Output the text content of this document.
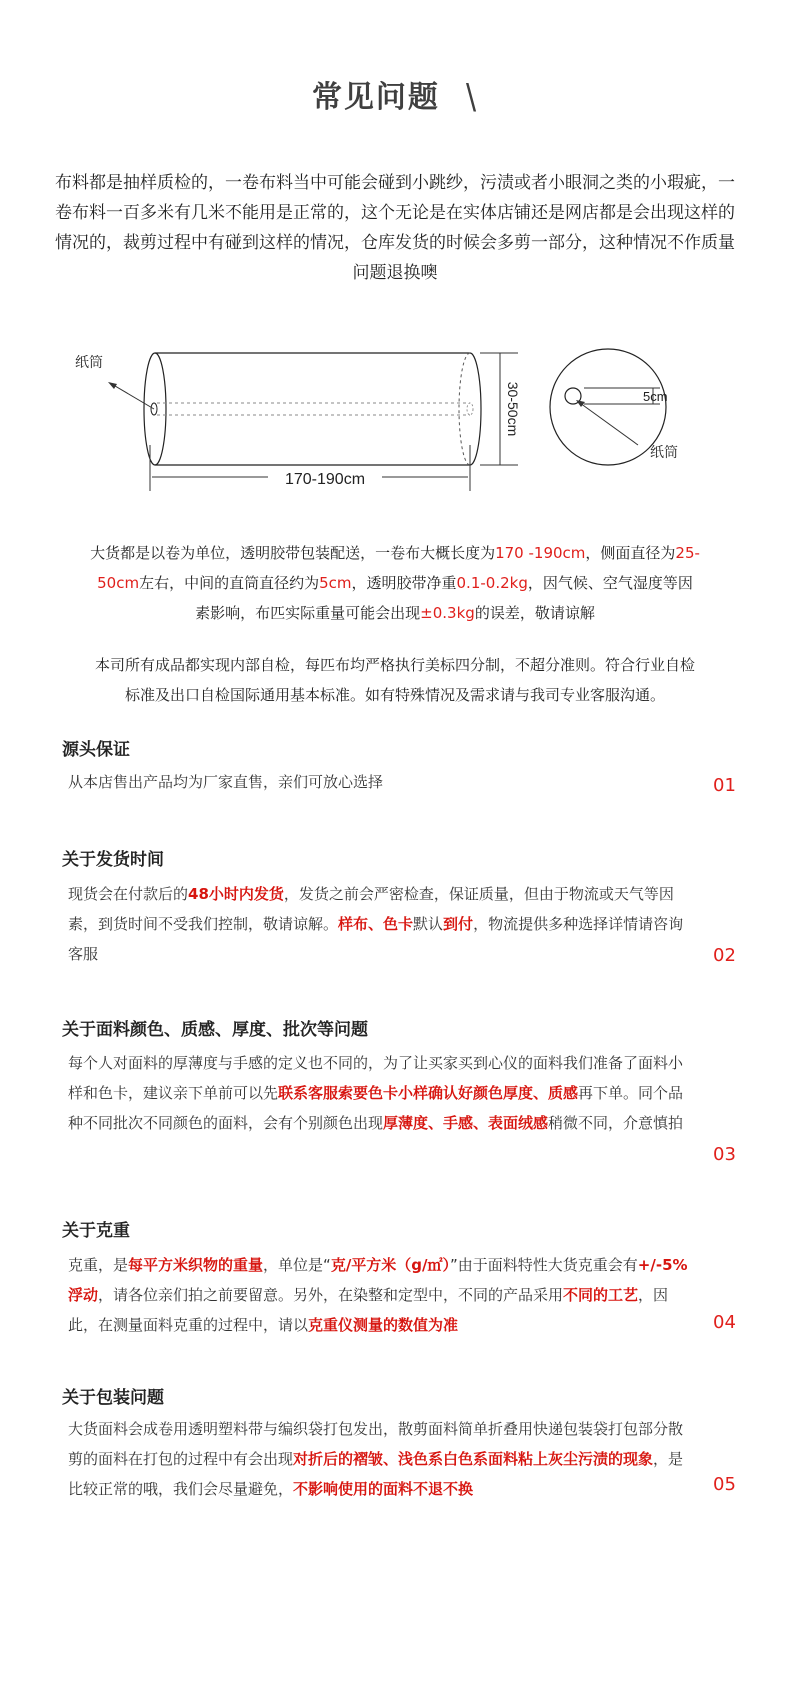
常见问题 \
布料都是抽样质检的，一卷布料当中可能会碰到小跳纱，污渍或者小眼洞之类的小瑕疵，一卷布料一百多米有几米不能用是正常的，这个无论是在实体店铺还是网店都是会出现这样的情况的，裁剪过程中有碰到这样的情况，仓库发货的时候会多剪一部分，这种情况不作质量问题退换噢
纸筒
170-190cm
30-50cm	5cm
纸筒
大货都是以卷为单位，透明胶带包装配送，一卷布大概长度为170 -190cm，侧面直径为25-50cm左右，中间的直筒直径约为5cm，透明胶带净重0.1-0.2kg，因气候、空气湿度等因素影响，布匹实际重量可能会出现±0.3kg的误差，敬请谅解
本司所有成品都实现内部自检，每匹布均严格执行美标四分制，不超分准则。符合行业自检标准及出口自检国际通用基本标准。如有特殊情况及需求请与我司专业客服沟通。
源头保证
从本店售出产品均为厂家直售，亲们可放心选择	01
关于发货时间
现货会在付款后的48小时内发货，发货之前会严密检查，保证质量，但由于物流或天气等因素，到货时间不受我们控制，敬请谅解。样布、色卡默认到付，物流提供多种选择详情请咨询客服	02
关于面料颜色、质感、厚度、批次等问题
每个人对面料的厚薄度与手感的定义也不同的，为了让买家买到心仪的面料我们准备了面料小样和色卡，建议亲下单前可以先联系客服索要色卡小样确认好颜色厚度、质感再下单。同个品种不同批次不同颜色的面料，会有个别颜色出现厚薄度、手感、表面绒感稍微不同，介意慎拍
03
关于克重
克重，是每平方米织物的重量，单位是“克/平方米（g/㎡）”由于面料特性大货克重会有+/-5%浮动，请各位亲们拍之前要留意。另外，在染整和定型中，不同的产品采用不同的工艺，因此，在测量面料克重的过程中，请以克重仪测量的数值为准	04
关于包装问题
大货面料会成卷用透明塑料带与编织袋打包发出，散剪面料简单折叠用快递包装袋打包部分散剪的面料在打包的过程中有会出现对折后的褶皱、浅色系白色系面料粘上灰尘污渍的现象，是比较正常的哦，我们会尽量避免，不影响使用的面料不退不换	05
